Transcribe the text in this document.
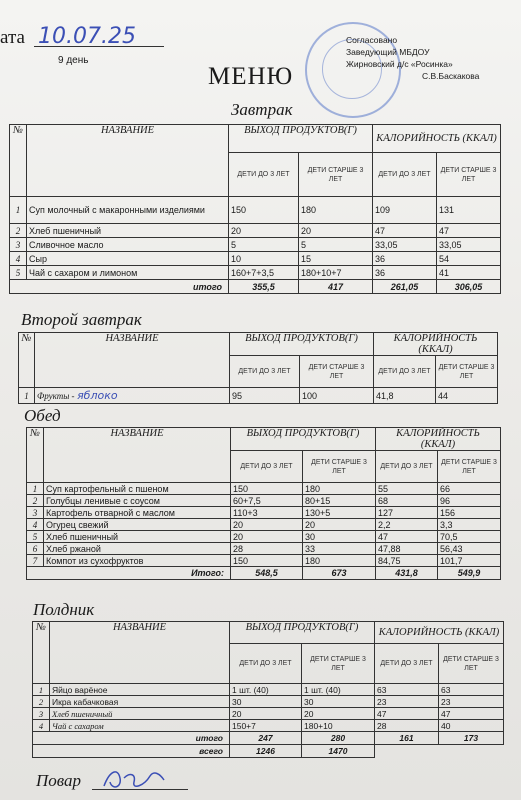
ата 10.07.25
9 день
МЕНЮ
Согласовано
Заведующий МБДОУ
Жирновский д/с «Росинка»
С.В.Баскакова
Завтрак
№	НАЗВАНИЕ	ВЫХОД ПРОДУКТОВ(Г)		КАЛОРИЙНОСТЬ (ККАЛ)	
		ДЕТИ ДО 3 ЛЕТ	ДЕТИ СТАРШЕ 3 ЛЕТ	ДЕТИ ДО 3 ЛЕТ	ДЕТИ СТАРШЕ 3 ЛЕТ
1	Суп молочный с макаронными изделиями	150	180	109	131
2	Хлеб пшеничный	20	20	47	47
3	Сливочное масло	5	5	33,05	33,05
4	Сыр	10	15	36	54
5	Чай с сахаром и лимоном	160+7+3,5	180+10+7	36	41
итого		355,5	417	261,05	306,05
Второй завтрак
№	НАЗВАНИЕ	ВЫХОД ПРОДУКТОВ(Г)		КАЛОРИЙНОСТЬ (ККАЛ)	
		ДЕТИ ДО 3 ЛЕТ	ДЕТИ СТАРШЕ 3 ЛЕТ	ДЕТИ ДО 3 ЛЕТ	ДЕТИ СТАРШЕ 3 ЛЕТ
1	Фрукты - яблоко	95	100	41,8	44
Обед
№	НАЗВАНИЕ	ВЫХОД ПРОДУКТОВ(Г)		КАЛОРИЙНОСТЬ (ККАЛ)	
		ДЕТИ ДО 3 ЛЕТ	ДЕТИ СТАРШЕ 3 ЛЕТ	ДЕТИ ДО 3 ЛЕТ	ДЕТИ СТАРШЕ 3 ЛЕТ
1	Суп картофельный с пшеном	150	180	55	66
2	Голубцы ленивые с соусом	60+7,5	80+15	68	96
3	Картофель отварной с маслом	110+3	130+5	127	156
4	Огурец свежий	20	20	2,2	3,3
5	Хлеб пшеничный	20	30	47	70,5
6	Хлеб ржаной	28	33	47,88	56,43
7	Компот из сухофруктов	150	180	84,75	101,7
Итого:		548,5	673	431,8	549,9
Полдник
№	НАЗВАНИЕ	ВЫХОД ПРОДУКТОВ(Г)		КАЛОРИЙНОСТЬ (ККАЛ)	
		ДЕТИ ДО 3 ЛЕТ	ДЕТИ СТАРШЕ 3 ЛЕТ	ДЕТИ ДО 3 ЛЕТ	ДЕТИ СТАРШЕ 3 ЛЕТ
1	Яйцо варёное	1 шт. (40)	1 шт. (40)	63	63
2	Икра кабачковая	30	30	23	23
3	Хлеб пшеничный	20	20	47	47
4	Чай с сахаром	150+7	180+10	28	40
итого		247	280	161	173
всего		1246	1470		
Повар
